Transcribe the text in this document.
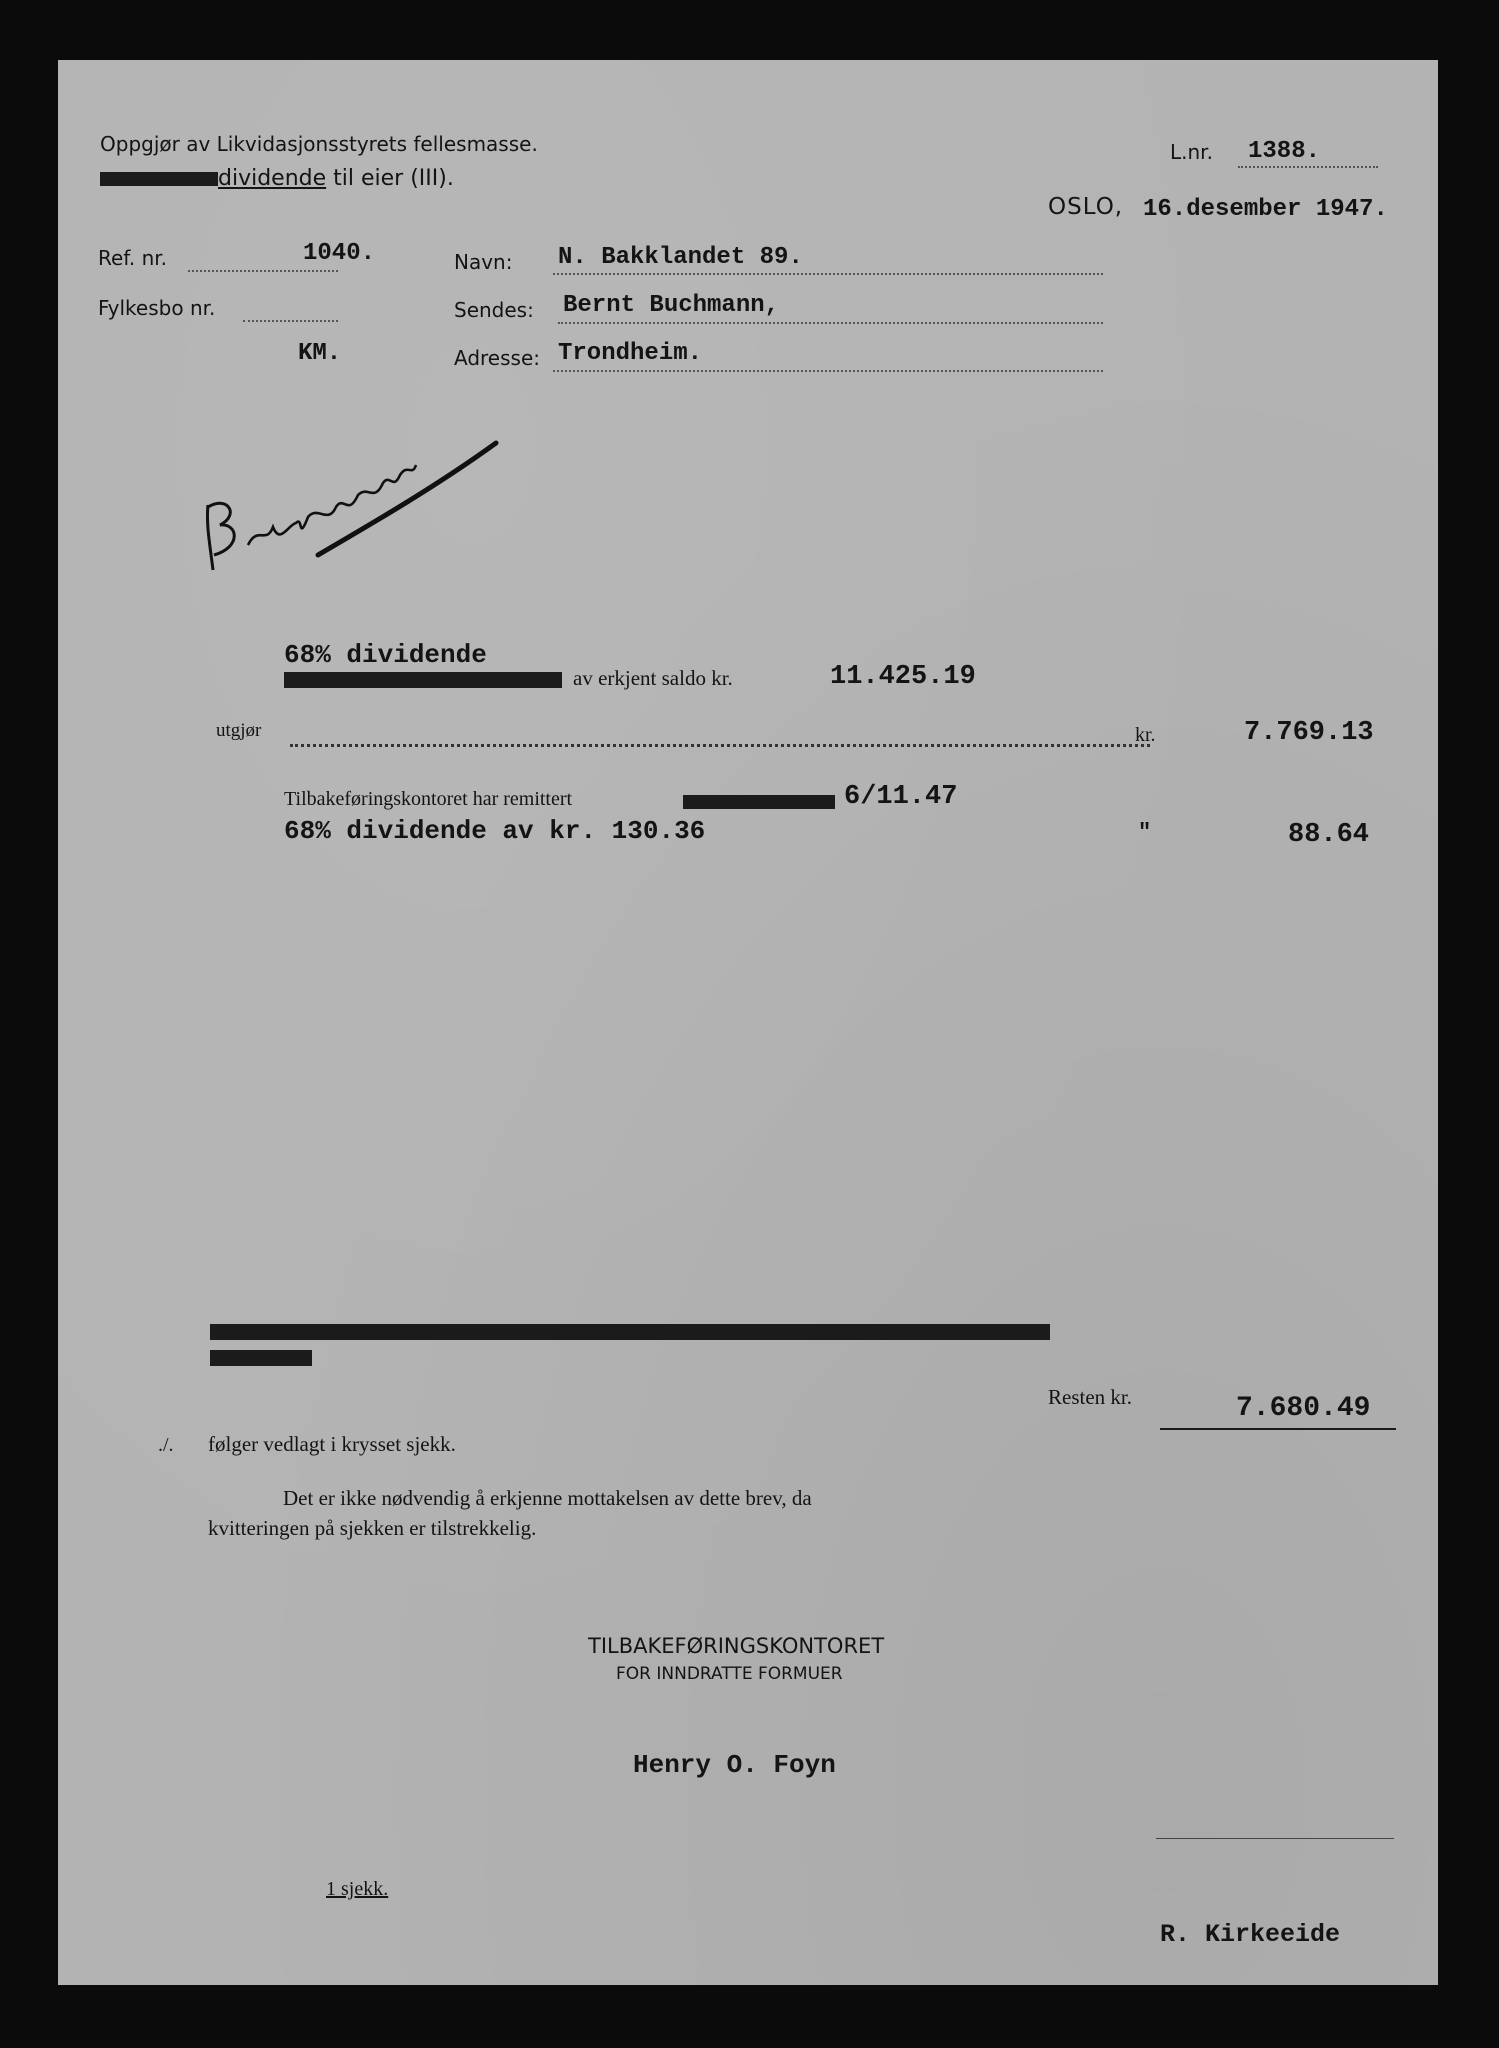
Oppgjør av Likvidasjonsstyrets fellesmasse.
dividende til eier (III).
L.nr. 1388.
OSLO, 16.desember 1947.
Ref. nr.	1040.
Fylkesbo nr.
KM.
Navn: N. Bakklandet 89.
Sendes: Bernt Buchmann,
Adresse: Trondheim.
68% dividende
av erkjent saldo kr.	11.425.19
utgjør	kr.	7.769.13
Tilbakeføringskontoret har remittert	6/11.47
68% dividende av kr. 130.36	"	88.64
Resten kr.	7.680.49
./. følger vedlagt i krysset sjekk.
Det er ikke nødvendig å erkjenne mottakelsen av dette brev, da
kvitteringen på sjekken er tilstrekkelig.
TILBAKEFØRINGSKONTORET
FOR INNDRATTE FORMUER
Henry O. Foyn
1 sjekk.
R. Kirkeeide
